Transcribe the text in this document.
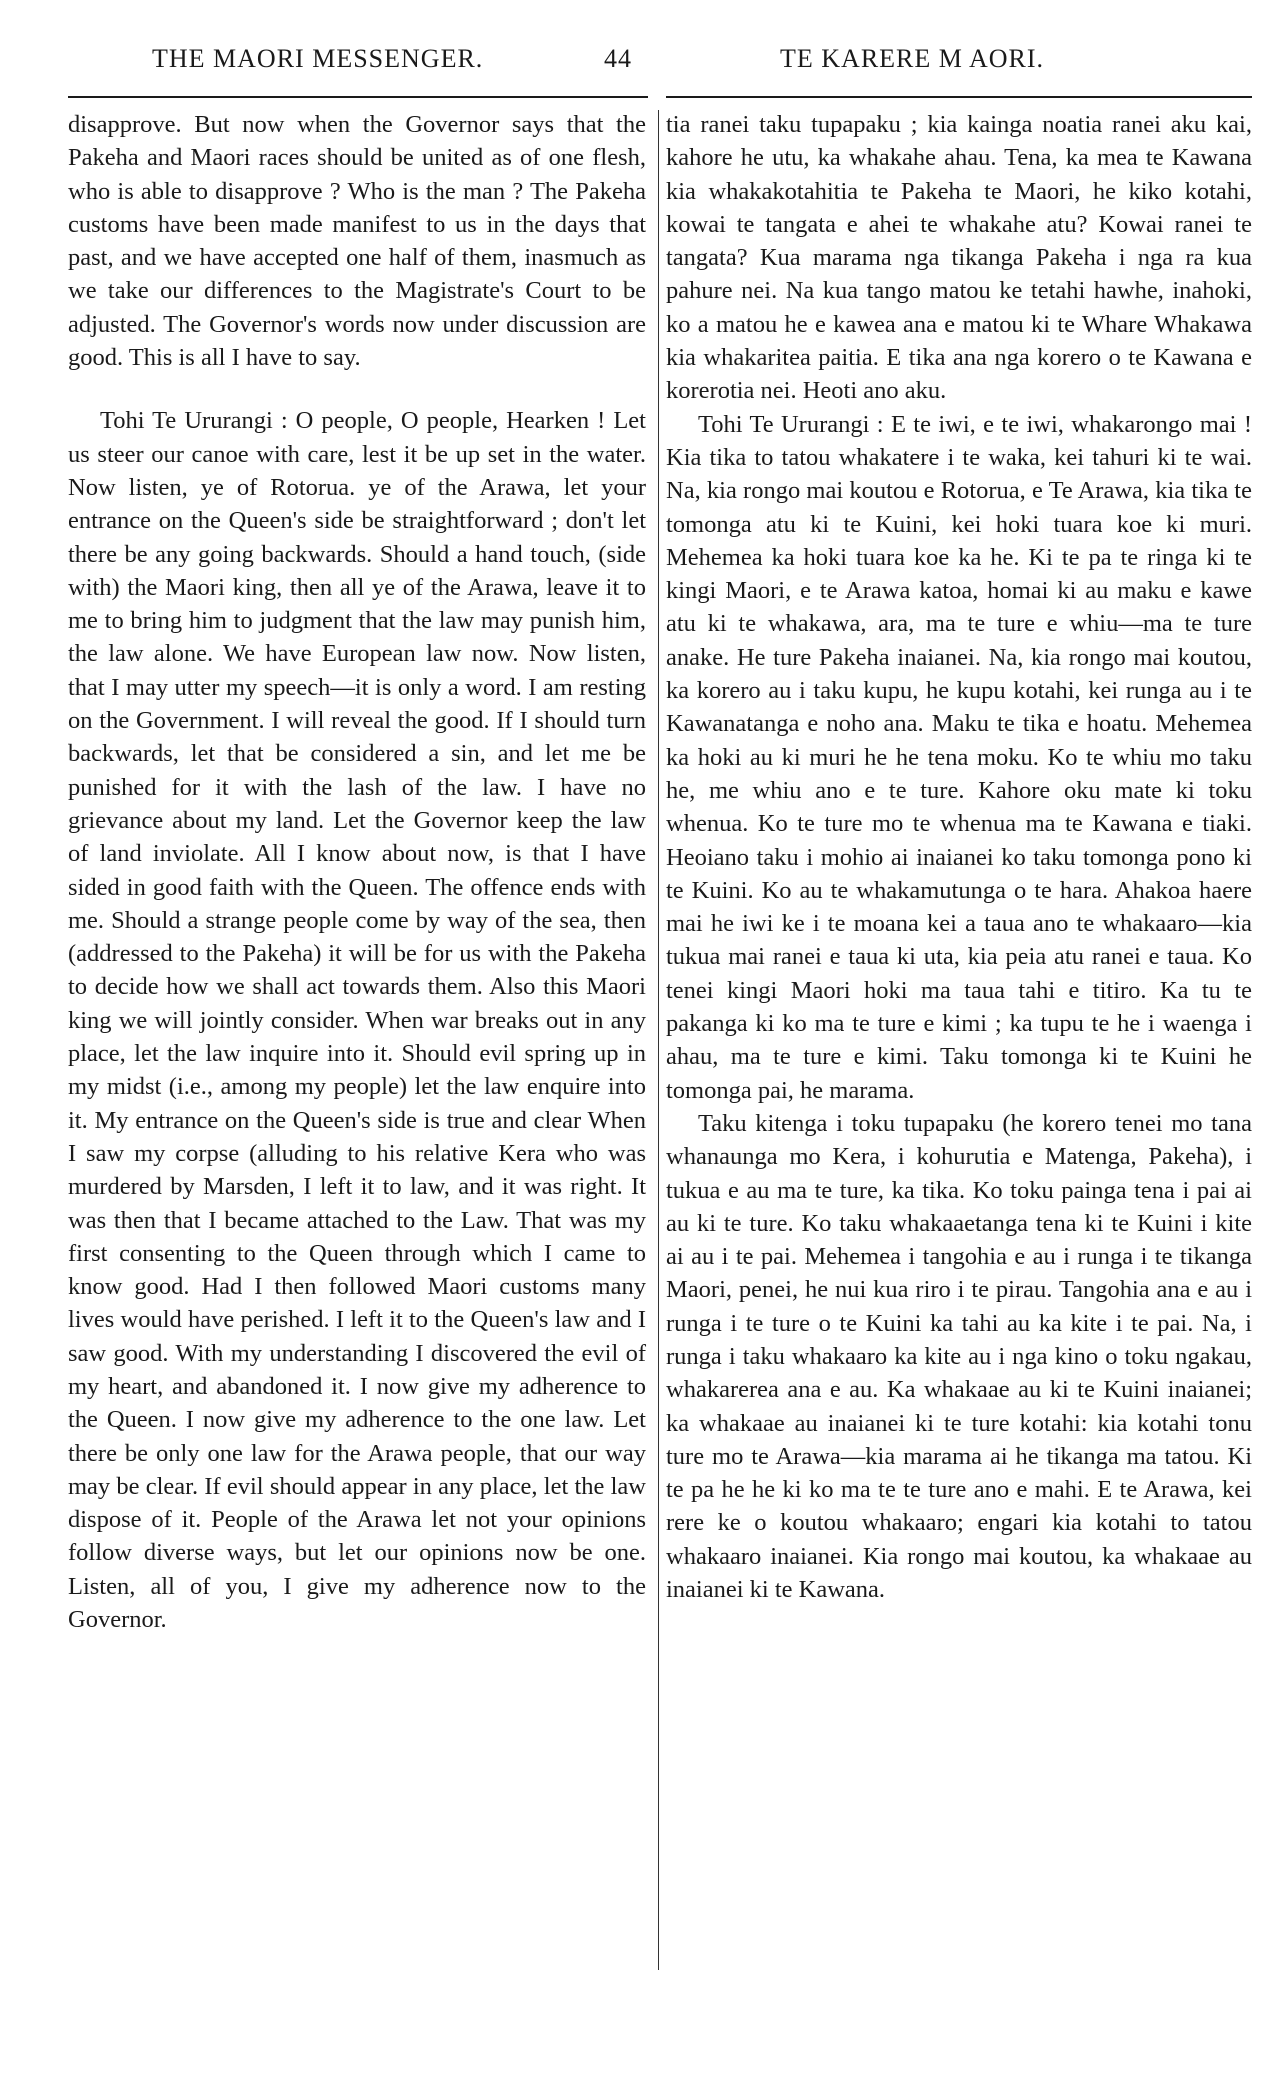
THE MAORI MESSENGER.	44	TE KARERE M AORI.

disapprove. But now when the Governor says that the Pakeha and Maori races should be united as of one flesh, who is able to disapprove ? Who is the man ? The Pakeha customs have been made manifest to us in the days that past, and we have accepted one half of them, inasmuch as we take our differences to the Magistrate's Court to be adjusted. The Governor's words now under discussion are good. This is all I have to say.

Tohi Te Ururangi : O people, O people, Hearken ! Let us steer our canoe with care, lest it be up set in the water. Now listen, ye of Rotorua. ye of the Arawa, let your entrance on the Queen's side be straightforward ; don't let there be any going backwards. Should a hand touch, (side with) the Maori king, then all ye of the Arawa, leave it to me to bring him to judgment that the law may punish him, the law alone. We have European law now. Now listen, that I may utter my speech—it is only a word. I am resting on the Government. I will reveal the good. If I should turn backwards, let that be considered a sin, and let me be punished for it with the lash of the law. I have no grievance about my land. Let the Governor keep the law of land inviolate. All I know about now, is that I have sided in good faith with the Queen. The offence ends with me. Should a strange people come by way of the sea, then (addressed to the Pakeha) it will be for us with the Pakeha to decide how we shall act towards them. Also this Maori king we will jointly consider. When war breaks out in any place, let the law inquire into it. Should evil spring up in my midst (i.e., among my people) let the law enquire into it. My entrance on the Queen's side is true and clear When I saw my corpse (alluding to his relative Kera who was murdered by Marsden, I left it to law, and it was right. It was then that I became attached to the Law. That was my first consenting to the Queen through which I came to know good. Had I then followed Maori customs many lives would have perished. I left it to the Queen's law and I saw good. With my understanding I discovered the evil of my heart, and abandoned it. I now give my adherence to the Queen. I now give my adherence to the one law. Let there be only one law for the Arawa people, that our way may be clear. If evil should appear in any place, let the law dispose of it. People of the Arawa let not your opinions follow diverse ways, but let our opinions now be one. Listen, all of you, I give my adherence now to the Governor.

tia ranei taku tupapaku ; kia kainga noatia ranei aku kai, kahore he utu, ka whakahe ahau. Tena, ka mea te Kawana kia whakakotahitia te Pakeha te Maori, he kiko kotahi, kowai te tangata e ahei te whakahe atu? Kowai ranei te tangata? Kua marama nga tikanga Pakeha i nga ra kua pahure nei. Na kua tango matou ke tetahi hawhe, inahoki, ko a matou he e kawea ana e matou ki te Whare Whakawa kia whakaritea paitia. E tika ana nga korero o te Kawana e korerotia nei. Heoti ano aku.

Tohi Te Ururangi : E te iwi, e te iwi, whakarongo mai ! Kia tika to tatou whakatere i te waka, kei tahuri ki te wai. Na, kia rongo mai koutou e Rotorua, e Te Arawa, kia tika te tomonga atu ki te Kuini, kei hoki tuara koe ki muri. Mehemea ka hoki tuara koe ka he. Ki te pa te ringa ki te kingi Maori, e te Arawa katoa, homai ki au maku e kawe atu ki te whakawa, ara, ma te ture e whiu—ma te ture anake. He ture Pakeha inaianei. Na, kia rongo mai koutou, ka korero au i taku kupu, he kupu kotahi, kei runga au i te Kawanatanga e noho ana. Maku te tika e hoatu. Mehemea ka hoki au ki muri he he tena moku. Ko te whiu mo taku he, me whiu ano e te ture. Kahore oku mate ki toku whenua. Ko te ture mo te whenua ma te Kawana e tiaki. Heoiano taku i mohio ai inaianei ko taku tomonga pono ki te Kuini. Ko au te whakamutunga o te hara. Ahakoa haere mai he iwi ke i te moana kei a taua ano te whakaaro—kia tukua mai ranei e taua ki uta, kia peia atu ranei e taua. Ko tenei kingi Maori hoki ma taua tahi e titiro. Ka tu te pakanga ki ko ma te ture e kimi ; ka tupu te he i waenga i ahau, ma te ture e kimi. Taku tomonga ki te Kuini he tomonga pai, he marama.

Taku kitenga i toku tupapaku (he korero tenei mo tana whanaunga mo Kera, i kohurutia e Matenga, Pakeha), i tukua e au ma te ture, ka tika. Ko toku painga tena i pai ai au ki te ture. Ko taku whakaaetanga tena ki te Kuini i kite ai au i te pai. Mehemea i tangohia e au i runga i te tikanga Maori, penei, he nui kua riro i te pirau. Tangohia ana e au i runga i te ture o te Kuini ka tahi au ka kite i te pai. Na, i runga i taku whakaaro ka kite au i nga kino o toku ngakau, whakarerea ana e au. Ka whakaae au ki te Kuini inaianei; ka whakaae au inaianei ki te ture kotahi: kia kotahi tonu ture mo te Arawa—kia marama ai he tikanga ma tatou. Ki te pa he he ki ko ma te te ture ano e mahi. E te Arawa, kei rere ke o koutou whakaaro; engari kia kotahi to tatou whakaaro inaianei. Kia rongo mai koutou, ka whakaae au inaianei ki te Kawana.
